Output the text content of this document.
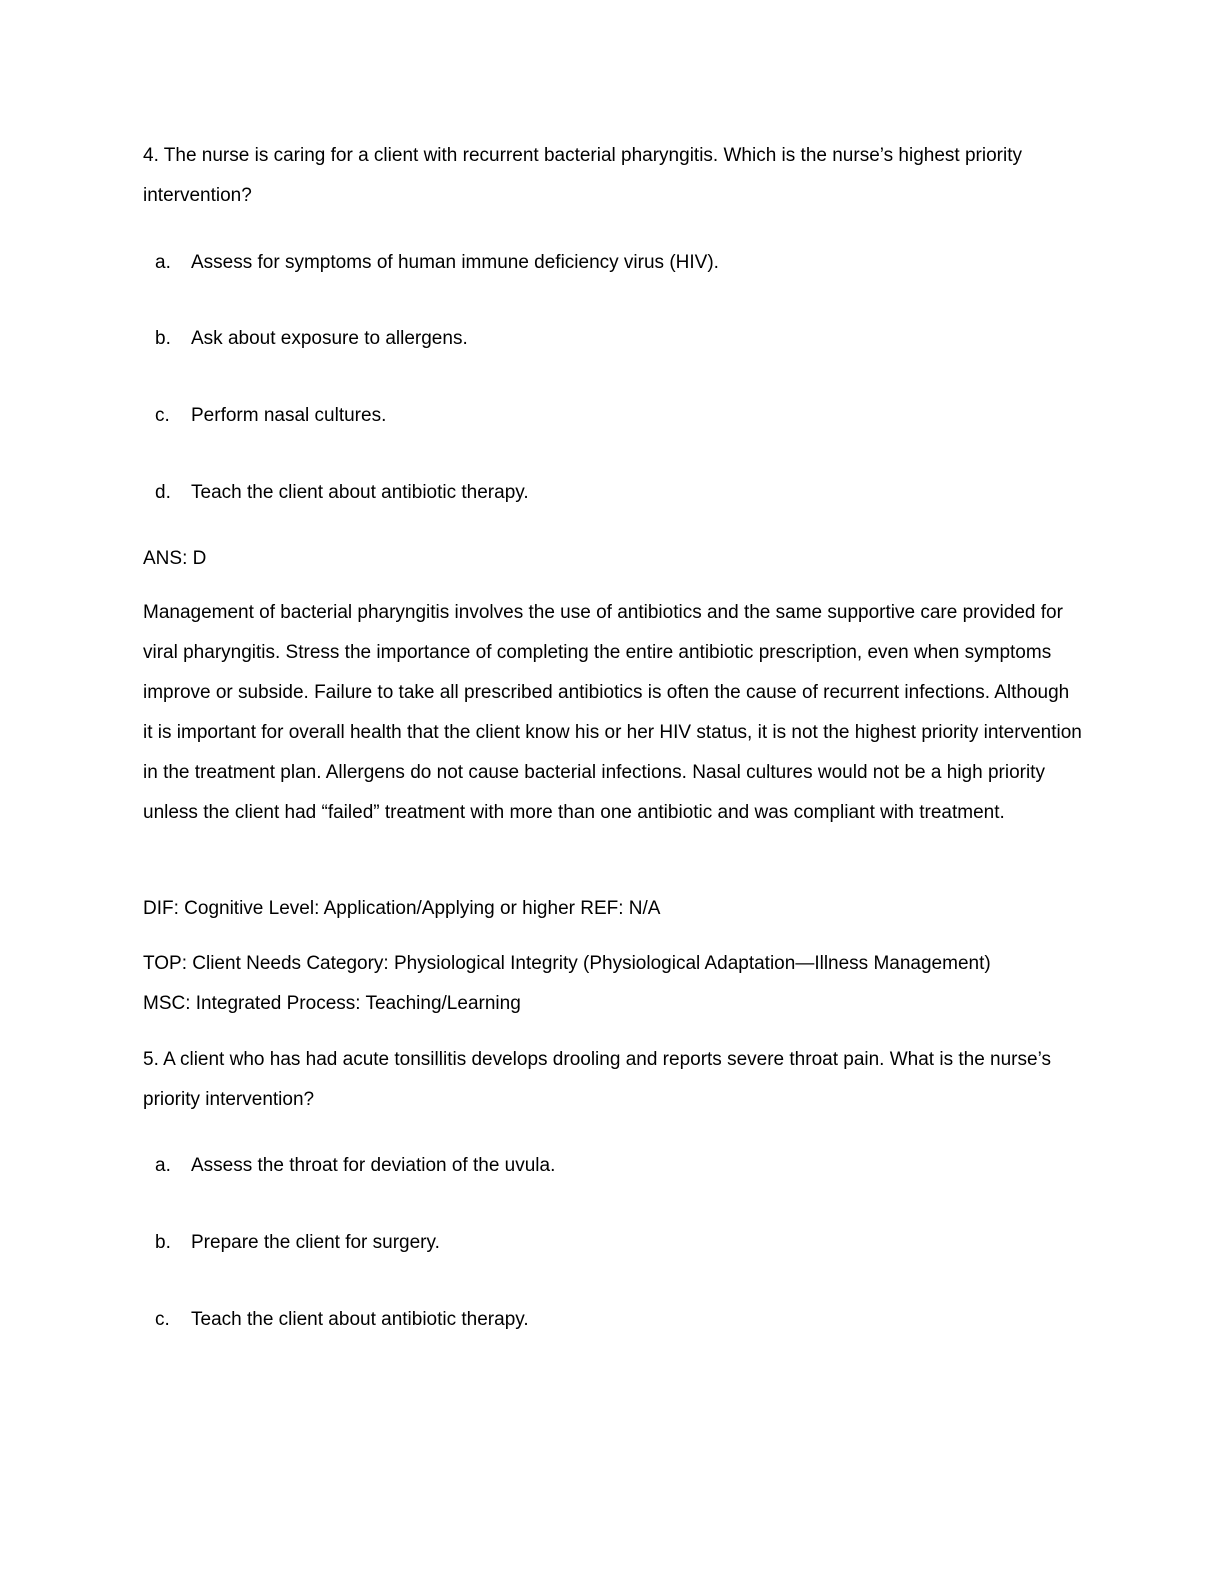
4. The nurse is caring for a client with recurrent bacterial pharyngitis. Which is the nurse’s highest priority intervention?

a. Assess for symptoms of human immune deficiency virus (HIV).
b. Ask about exposure to allergens.
c. Perform nasal cultures.
d. Teach the client about antibiotic therapy.

ANS: D

Management of bacterial pharyngitis involves the use of antibiotics and the same supportive care provided for viral pharyngitis. Stress the importance of completing the entire antibiotic prescription, even when symptoms improve or subside. Failure to take all prescribed antibiotics is often the cause of recurrent infections. Although it is important for overall health that the client know his or her HIV status, it is not the highest priority intervention in the treatment plan. Allergens do not cause bacterial infections. Nasal cultures would not be a high priority unless the client had “failed” treatment with more than one antibiotic and was compliant with treatment.

DIF: Cognitive Level: Application/Applying or higher REF: N/A

TOP: Client Needs Category: Physiological Integrity (Physiological Adaptation—Illness Management)

MSC: Integrated Process: Teaching/Learning

5. A client who has had acute tonsillitis develops drooling and reports severe throat pain. What is the nurse’s priority intervention?

a. Assess the throat for deviation of the uvula.
b. Prepare the client for surgery.
c. Teach the client about antibiotic therapy.
